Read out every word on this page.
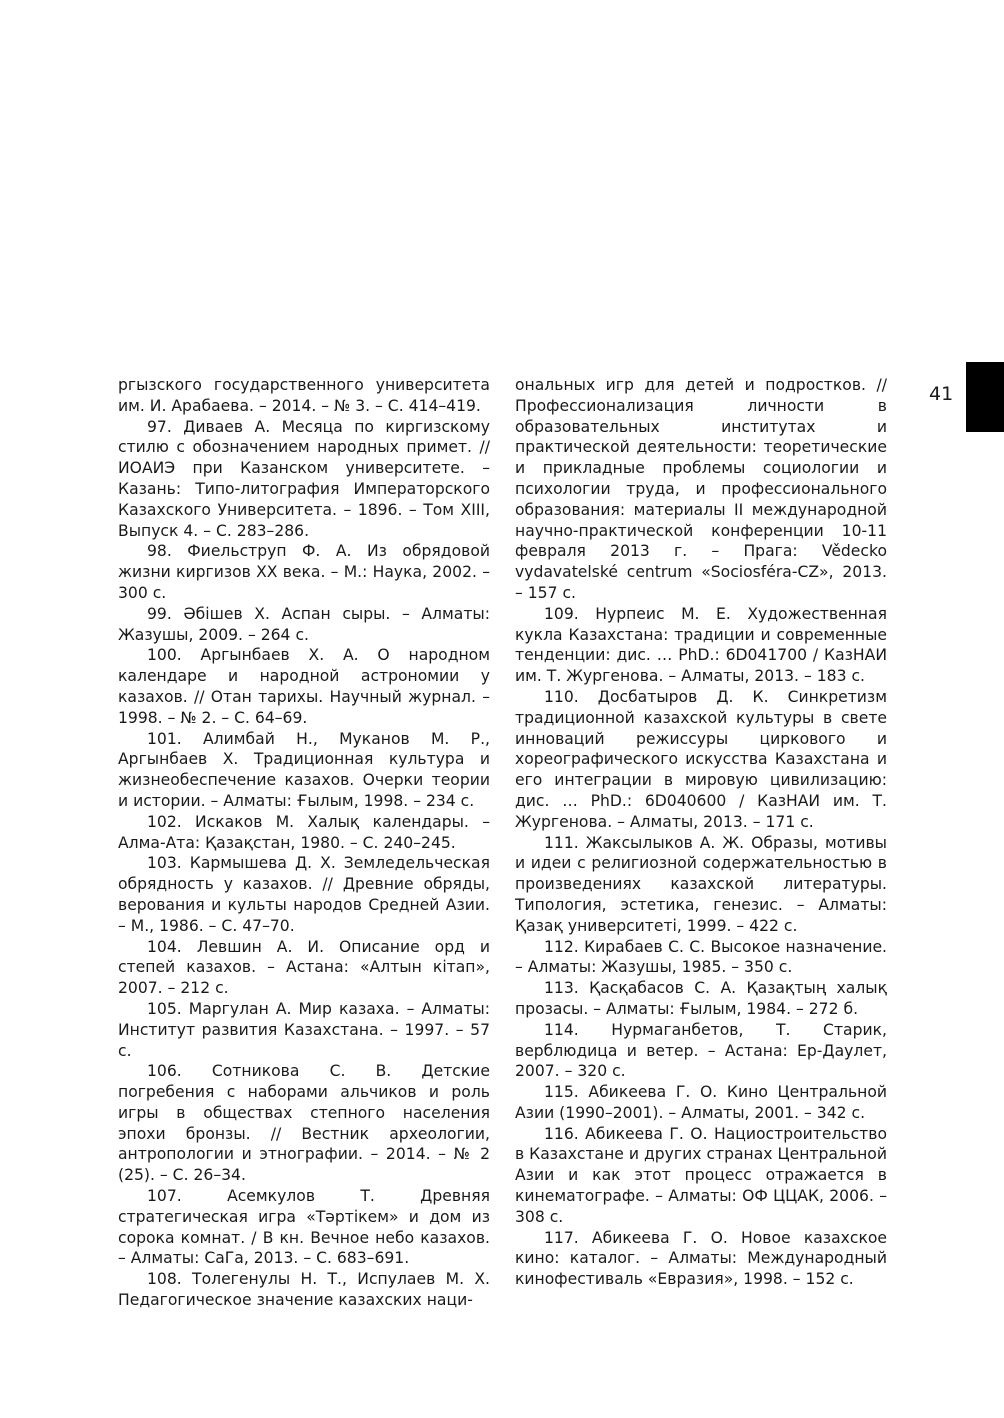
ргызского государственного университета им. И. Арабаева. – 2014. – № 3. – С. 414–419.

97. Диваев А. Месяца по киргизскому стилю с обозначением народных примет. // ИОАИЭ при Казанском университете. – Казань: Типо-литография Императорского Казахского Университета. – 1896. – Том XIII, Выпуск 4. – С. 283–286.

98. Фиельструп Ф. А. Из обрядовой жизни киргизов XX века. – М.: Наука, 2002. – 300 с.

99. Әбішев Х. Аспан сыры. – Алматы: Жазушы, 2009. – 264 с.

100. Аргынбаев Х. А. О народном календаре и народной астрономии у казахов. // Отан тарихы. Научный журнал. – 1998. – № 2. – С. 64–69.

101. Алимбай Н., Муканов М. Р., Аргынбаев Х. Традиционная культура и жизнеобеспечение казахов. Очерки теории и истории. – Алматы: Ғылым, 1998. – 234 с.

102. Искаков М. Халық календары. – Алма-Ата: Қазақстан, 1980. – С. 240–245.

103. Кармышева Д. Х. Земледельческая обрядность у казахов. // Древние обряды, верования и культы народов Средней Азии. – М., 1986. – С. 47–70.

104. Левшин А. И. Описание орд и степей казахов. – Астана: «Алтын кітап», 2007. – 212 с.

105. Маргулан А. Мир казаха. – Алматы: Институт развития Казахстана. – 1997. – 57 с.

106. Сотникова С. В. Детские погребения с наборами альчиков и роль игры в обществах степного населения эпохи бронзы. // Вестник археологии, антропологии и этнографии. – 2014. – № 2 (25). – С. 26–34.

107. Асемкулов Т. Древняя стратегическая игра «Тәртікем» и дом из сорока комнат. / В кн. Вечное небо казахов. – Алматы: СаГа, 2013. – С. 683–691.

108. Толегенулы Н. Т., Испулаев М. Х. Педагогическое значение казахских наци-

ональных игр для детей и подростков. // Профессионализация личности в образовательных институтах и практической деятельности: теоретические и прикладные проблемы социологии и психологии труда, и профессионального образования: материалы II международной научно-практической конференции 10-11 февраля 2013 г. – Прага: Vědecko vydavatelské centrum «Sociosféra-CZ», 2013. – 157 с.

109. Нурпеис М. Е. Художественная кукла Казахстана: традиции и современные тенденции: дис. … PhD.: 6D041700 / КазНАИ им. Т. Жургенова. – Алматы, 2013. – 183 с.

110. Досбатыров Д. К. Синкретизм традиционной казахской культуры в свете инноваций режиссуры циркового и хореографического искусства Казахстана и его интеграции в мировую цивилизацию: дис. … PhD.: 6D040600 / КазНАИ им. Т. Жургенова. – Алматы, 2013. – 171 с.

111. Жаксылыков А. Ж. Образы, мотивы и идеи с религиозной содержательностью в произведениях казахской литературы. Типология, эстетика, генезис. – Алматы: Қазақ университеті, 1999. – 422 с.

112. Кирабаев С. С. Высокое назначение. – Алматы: Жазушы, 1985. – 350 с.

113. Қасқабасов С. А. Қазақтың халық прозасы. – Алматы: Ғылым, 1984. – 272 б.

114. Нурмаганбетов, Т. Старик, верблюдица и ветер. – Астана: Ер-Даулет, 2007. – 320 с.

115. Абикеева Г. О. Кино Центральной Азии (1990–2001). – Алматы, 2001. – 342 с.

116. Абикеева Г. О. Нациостроительство в Казахстане и других странах Центральной Азии и как этот процесс отражается в кинематографе. – Алматы: ОФ ЦЦАК, 2006. – 308 с.

117. Абикеева Г. О. Новое казахское кино: каталог. – Алматы: Международный кинофестиваль «Евразия», 1998. – 152 с.

41
